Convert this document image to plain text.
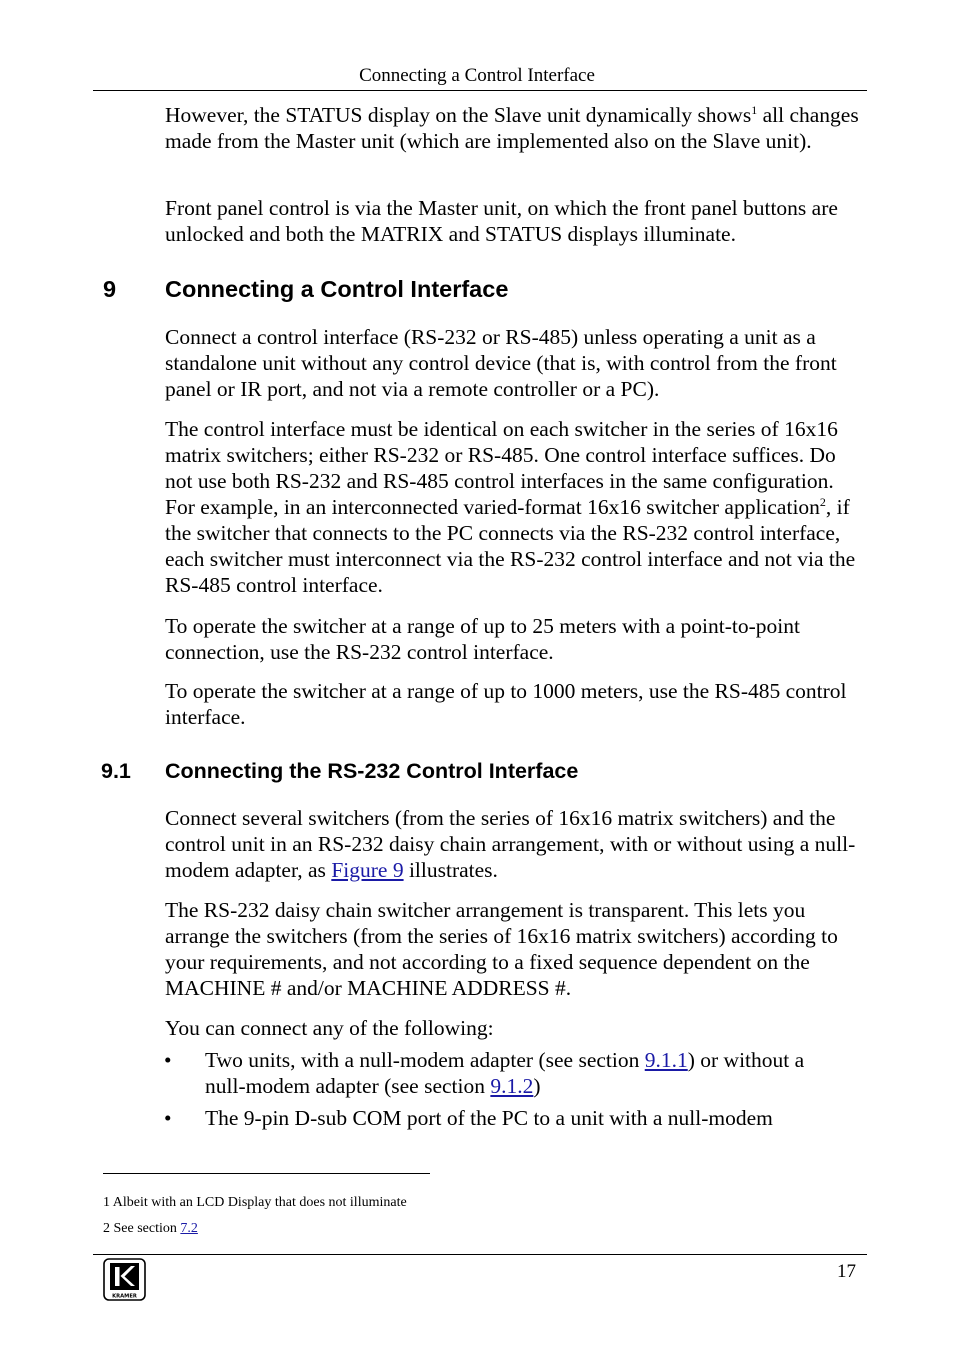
Connecting a Control Interface

However, the STATUS display on the Slave unit dynamically shows$^1$ all changes made from the Master unit (which are implemented also on the Slave unit).

Front panel control is via the Master unit, on which the front panel buttons are unlocked and both the MATRIX and STATUS displays illuminate.

9 Connecting a Control Interface

Connect a control interface (RS-232 or RS-485) unless operating a unit as a standalone unit without any control device (that is, with control from the front panel or IR port, and not via a remote controller or a PC).

The control interface must be identical on each switcher in the series of 16x16 matrix switchers; either RS-232 or RS-485. One control interface suffices. Do not use both RS-232 and RS-485 control interfaces in the same configuration. For example, in an interconnected varied-format 16x16 switcher application$^2$, if the switcher that connects to the PC connects via the RS-232 control interface, each switcher must interconnect via the RS-232 control interface and not via the RS-485 control interface.

To operate the switcher at a range of up to 25 meters with a point-to-point connection, use the RS-232 control interface.

To operate the switcher at a range of up to 1000 meters, use the RS-485 control interface.

9.1 Connecting the RS-232 Control Interface

Connect several switchers (from the series of 16x16 matrix switchers) and the control unit in an RS-232 daisy chain arrangement, with or without using a null-modem adapter, as Figure 9 illustrates.

The RS-232 daisy chain switcher arrangement is transparent. This lets you arrange the switchers (from the series of 16x16 matrix switchers) according to your requirements, and not according to a fixed sequence dependent on the MACHINE # and/or MACHINE ADDRESS #.

You can connect any of the following:

• Two units, with a null-modem adapter (see section 9.1.1) or without a null-modem adapter (see section 9.1.2)

• The 9-pin D-sub COM port of the PC to a unit with a null-modem

1 Albeit with an LCD Display that does not illuminate
2 See section 7.2
KRAMER
17
